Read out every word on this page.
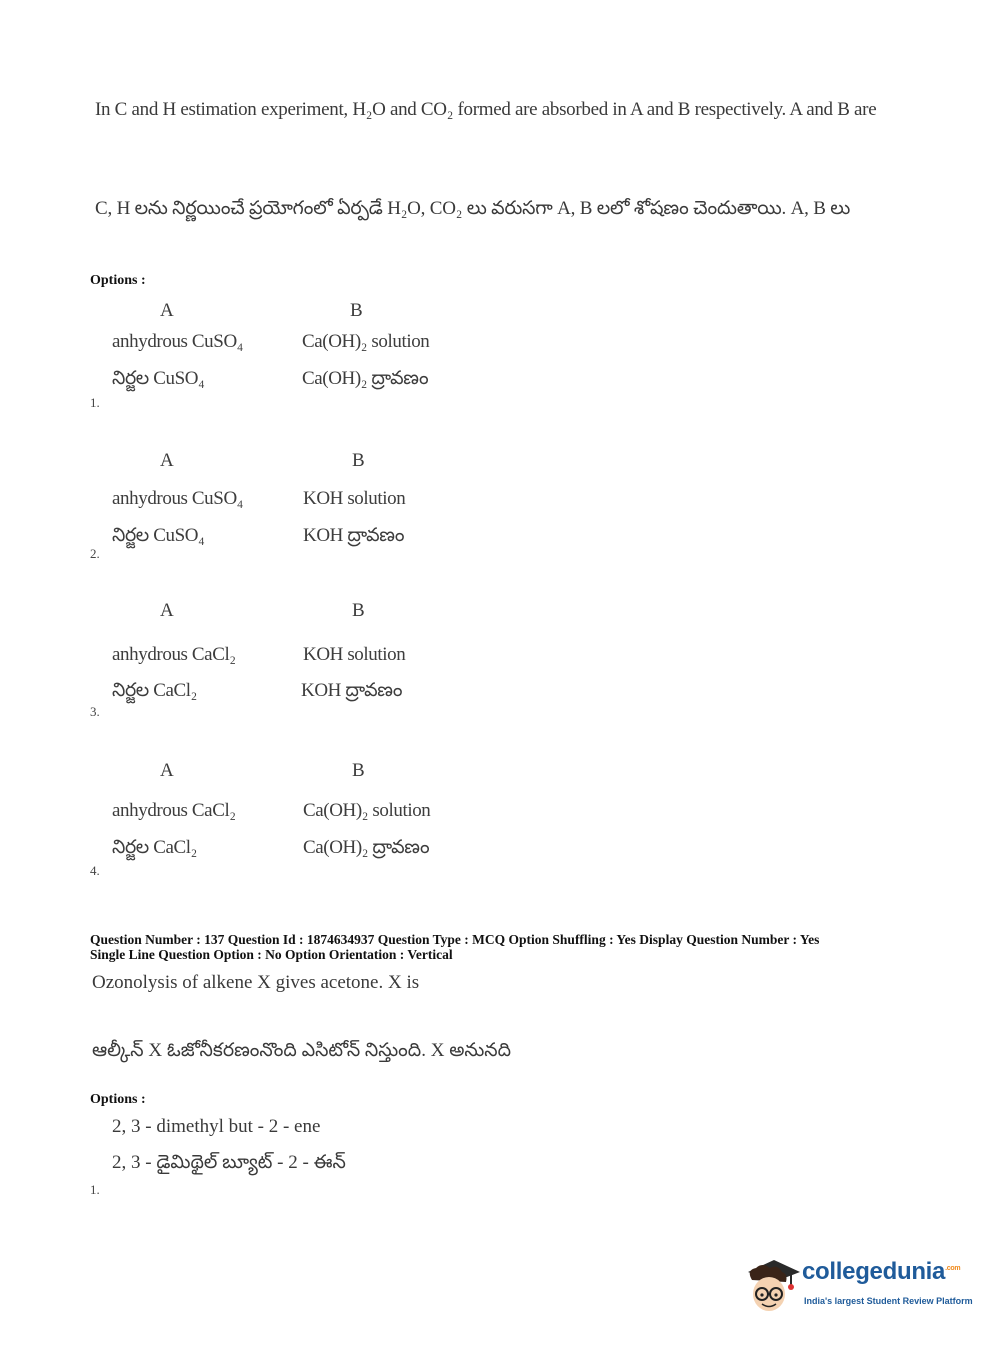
In C and H estimation experiment, H₂O and CO₂ formed are absorbed in A and B respectively. A and B are
C, H లను నిర్ణయించే ప్రయోగంలో ఏర్పడే H₂O, CO₂ లు వరుసగా A, B లలో శోషణం చెందుతాయి. A, B లు
Options :
A	B
anhydrous CuSO₄	Ca(OH)₂ solution
నిర్జల CuSO₄	Ca(OH)₂ ద్రావణం
1.
A	B
anhydrous CuSO₄	KOH solution
నిర్జల CuSO₄	KOH ద్రావణం
2.
A	B
anhydrous CaCl₂	KOH solution
నిర్జల CaCl₂	KOH ద్రావణం
3.
A	B
anhydrous CaCl₂	Ca(OH)₂ solution
నిర్జల CaCl₂	Ca(OH)₂ ద్రావణం
4.
Question Number : 137 Question Id : 1874634937 Question Type : MCQ Option Shuffling : Yes Display Question Number : Yes
Single Line Question Option : No Option Orientation : Vertical
Ozonolysis of alkene X gives acetone. X is
ఆల్కీన్ X ఓజోనీకరణంనొంది ఎసిటోన్ నిస్తుంది. X అనునది
Options :
2, 3 - dimethyl but - 2 - ene
2, 3 - డైమిథైల్ బ్యూట్ - 2 - ఈన్
1.
collegedunia$^{.com}$
India's largest Student Review Platform
